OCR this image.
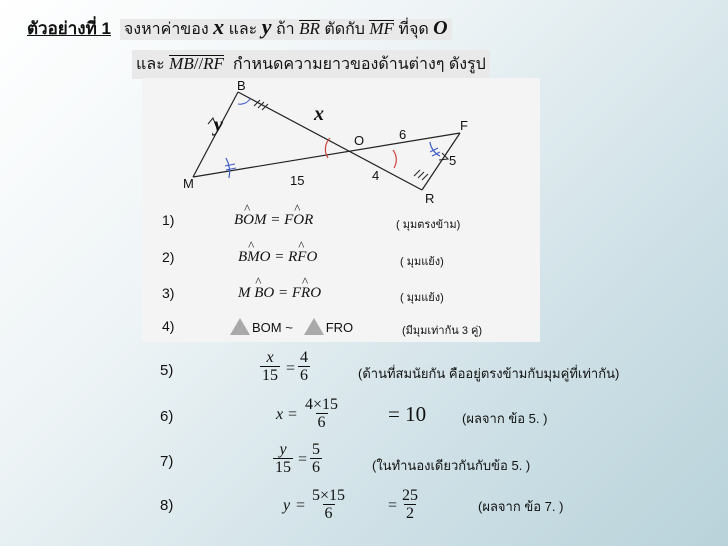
ตัวอย่างที่ 1 จงหาค่าของ x และ y ถ้า BR ตัดกับ MF ที่จุด O
และ MB//RF กำหนดความยาวของด้านต่างๆ ดังรูป
B
M
O
F
R
6
5
15	4
x
y
1)	B^ OM = F^ OR	( มุมตรงข้าม)
2)	B^ MO = R^ FO	( มุมแย้ง)
3)	M ^ BO = F^ RO	( มุมแย้ง)
4)	BOM ~	FRO	(มีมุมเท่ากัน 3 คู่)
5)	$\frac{x}{15} = \frac{4}{6}$	(ด้านที่สมนัยกัน คืออยู่ตรงข้ามกับมุมคู่ที่เท่ากัน)
6)	$x = \frac{4\times 15}{6} = 10$	(ผลจาก ข้อ 5. )
7)	$\frac{y}{15} = \frac{5}{6}$	(ในทำนองเดียวกันกับข้อ 5. )
8)	$y = \frac{5\times 15}{6}$	= $\frac{25}{2}$	(ผลจาก ข้อ 7. )
